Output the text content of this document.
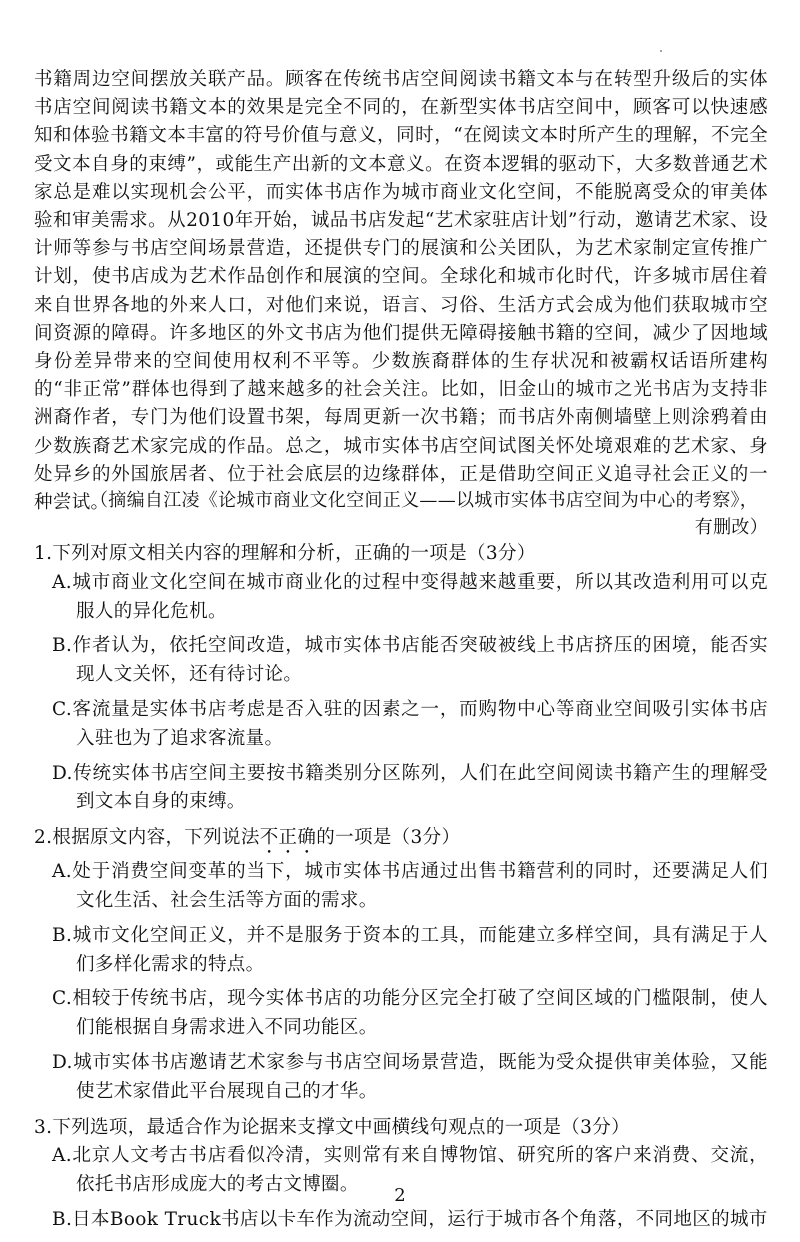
书籍周边空间摆放关联产品。顾客在传统书店空间阅读书籍文本与在转型升级后的实体书店空间阅读书籍文本的效果是完全不同的，在新型实体书店空间中，顾客可以快速感知和体验书籍文本丰富的符号价值与意义，同时，“在阅读文本时所产生的理解，不完全受文本自身的束缚”，或能生产出新的文本意义。在资本逻辑的驱动下，大多数普通艺术家总是难以实现机会公平，而实体书店作为城市商业文化空间，不能脱离受众的审美体验和审美需求。从2010年开始，诚品书店发起“艺术家驻店计划”行动，邀请艺术家、设计师等参与书店空间场景营造，还提供专门的展演和公关团队，为艺术家制定宣传推广计划，使书店成为艺术作品创作和展演的空间。全球化和城市化时代，许多城市居住着来自世界各地的外来人口，对他们来说，语言、习俗、生活方式会成为他们获取城市空间资源的障碍。许多地区的外文书店为他们提供无障碍接触书籍的空间，减少了因地域身份差异带来的空间使用权利不平等。少数族裔群体的生存状况和被霸权话语所建构的“非正常”群体也得到了越来越多的社会关注。比如，旧金山的城市之光书店为支持非洲裔作者，专门为他们设置书架，每周更新一次书籍；而书店外南侧墙壁上则涂鸦着由少数族裔艺术家完成的作品。总之，城市实体书店空间试图关怀处境艰难的艺术家、身处异乡的外国旅居者、位于社会底层的边缘群体，正是借助空间正义追寻社会正义的一种尝试。

（摘编自江凌《论城市商业文化空间正义——以城市实体书店空间为中心的考察》，
有删改）

1.下列对原文相关内容的理解和分析，正确的一项是（3分）

A.城市商业文化空间在城市商业化的过程中变得越来越重要，所以其改造利用可以克服人的异化危机。

B.作者认为，依托空间改造，城市实体书店能否突破被线上书店挤压的困境，能否实现人文关怀，还有待讨论。

C.客流量是实体书店考虑是否入驻的因素之一，而购物中心等商业空间吸引实体书店入驻也为了追求客流量。

D.传统实体书店空间主要按书籍类别分区陈列，人们在此空间阅读书籍产生的理解受到文本自身的束缚。

2.根据原文内容，下列说法不正确的一项是（3分）

A.处于消费空间变革的当下，城市实体书店通过出售书籍营利的同时，还要满足人们文化生活、社会生活等方面的需求。

B.城市文化空间正义，并不是服务于资本的工具，而能建立多样空间，具有满足于人们多样化需求的特点。

C.相较于传统书店，现今实体书店的功能分区完全打破了空间区域的门槛限制，使人们能根据自身需求进入不同功能区。

D.城市实体书店邀请艺术家参与书店空间场景营造，既能为受众提供审美体验，又能使艺术家借此平台展现自己的才华。

3.下列选项，最适合作为论据来支撑文中画横线句观点的一项是（3分）

A.北京人文考古书店看似冷清，实则常有来自博物馆、研究所的客户来消费、交流，依托书店形成庞大的考古文博圈。

B.日本Book Truck书店以卡车作为流动空间，运行于城市各个角落，不同地区的城市

2
